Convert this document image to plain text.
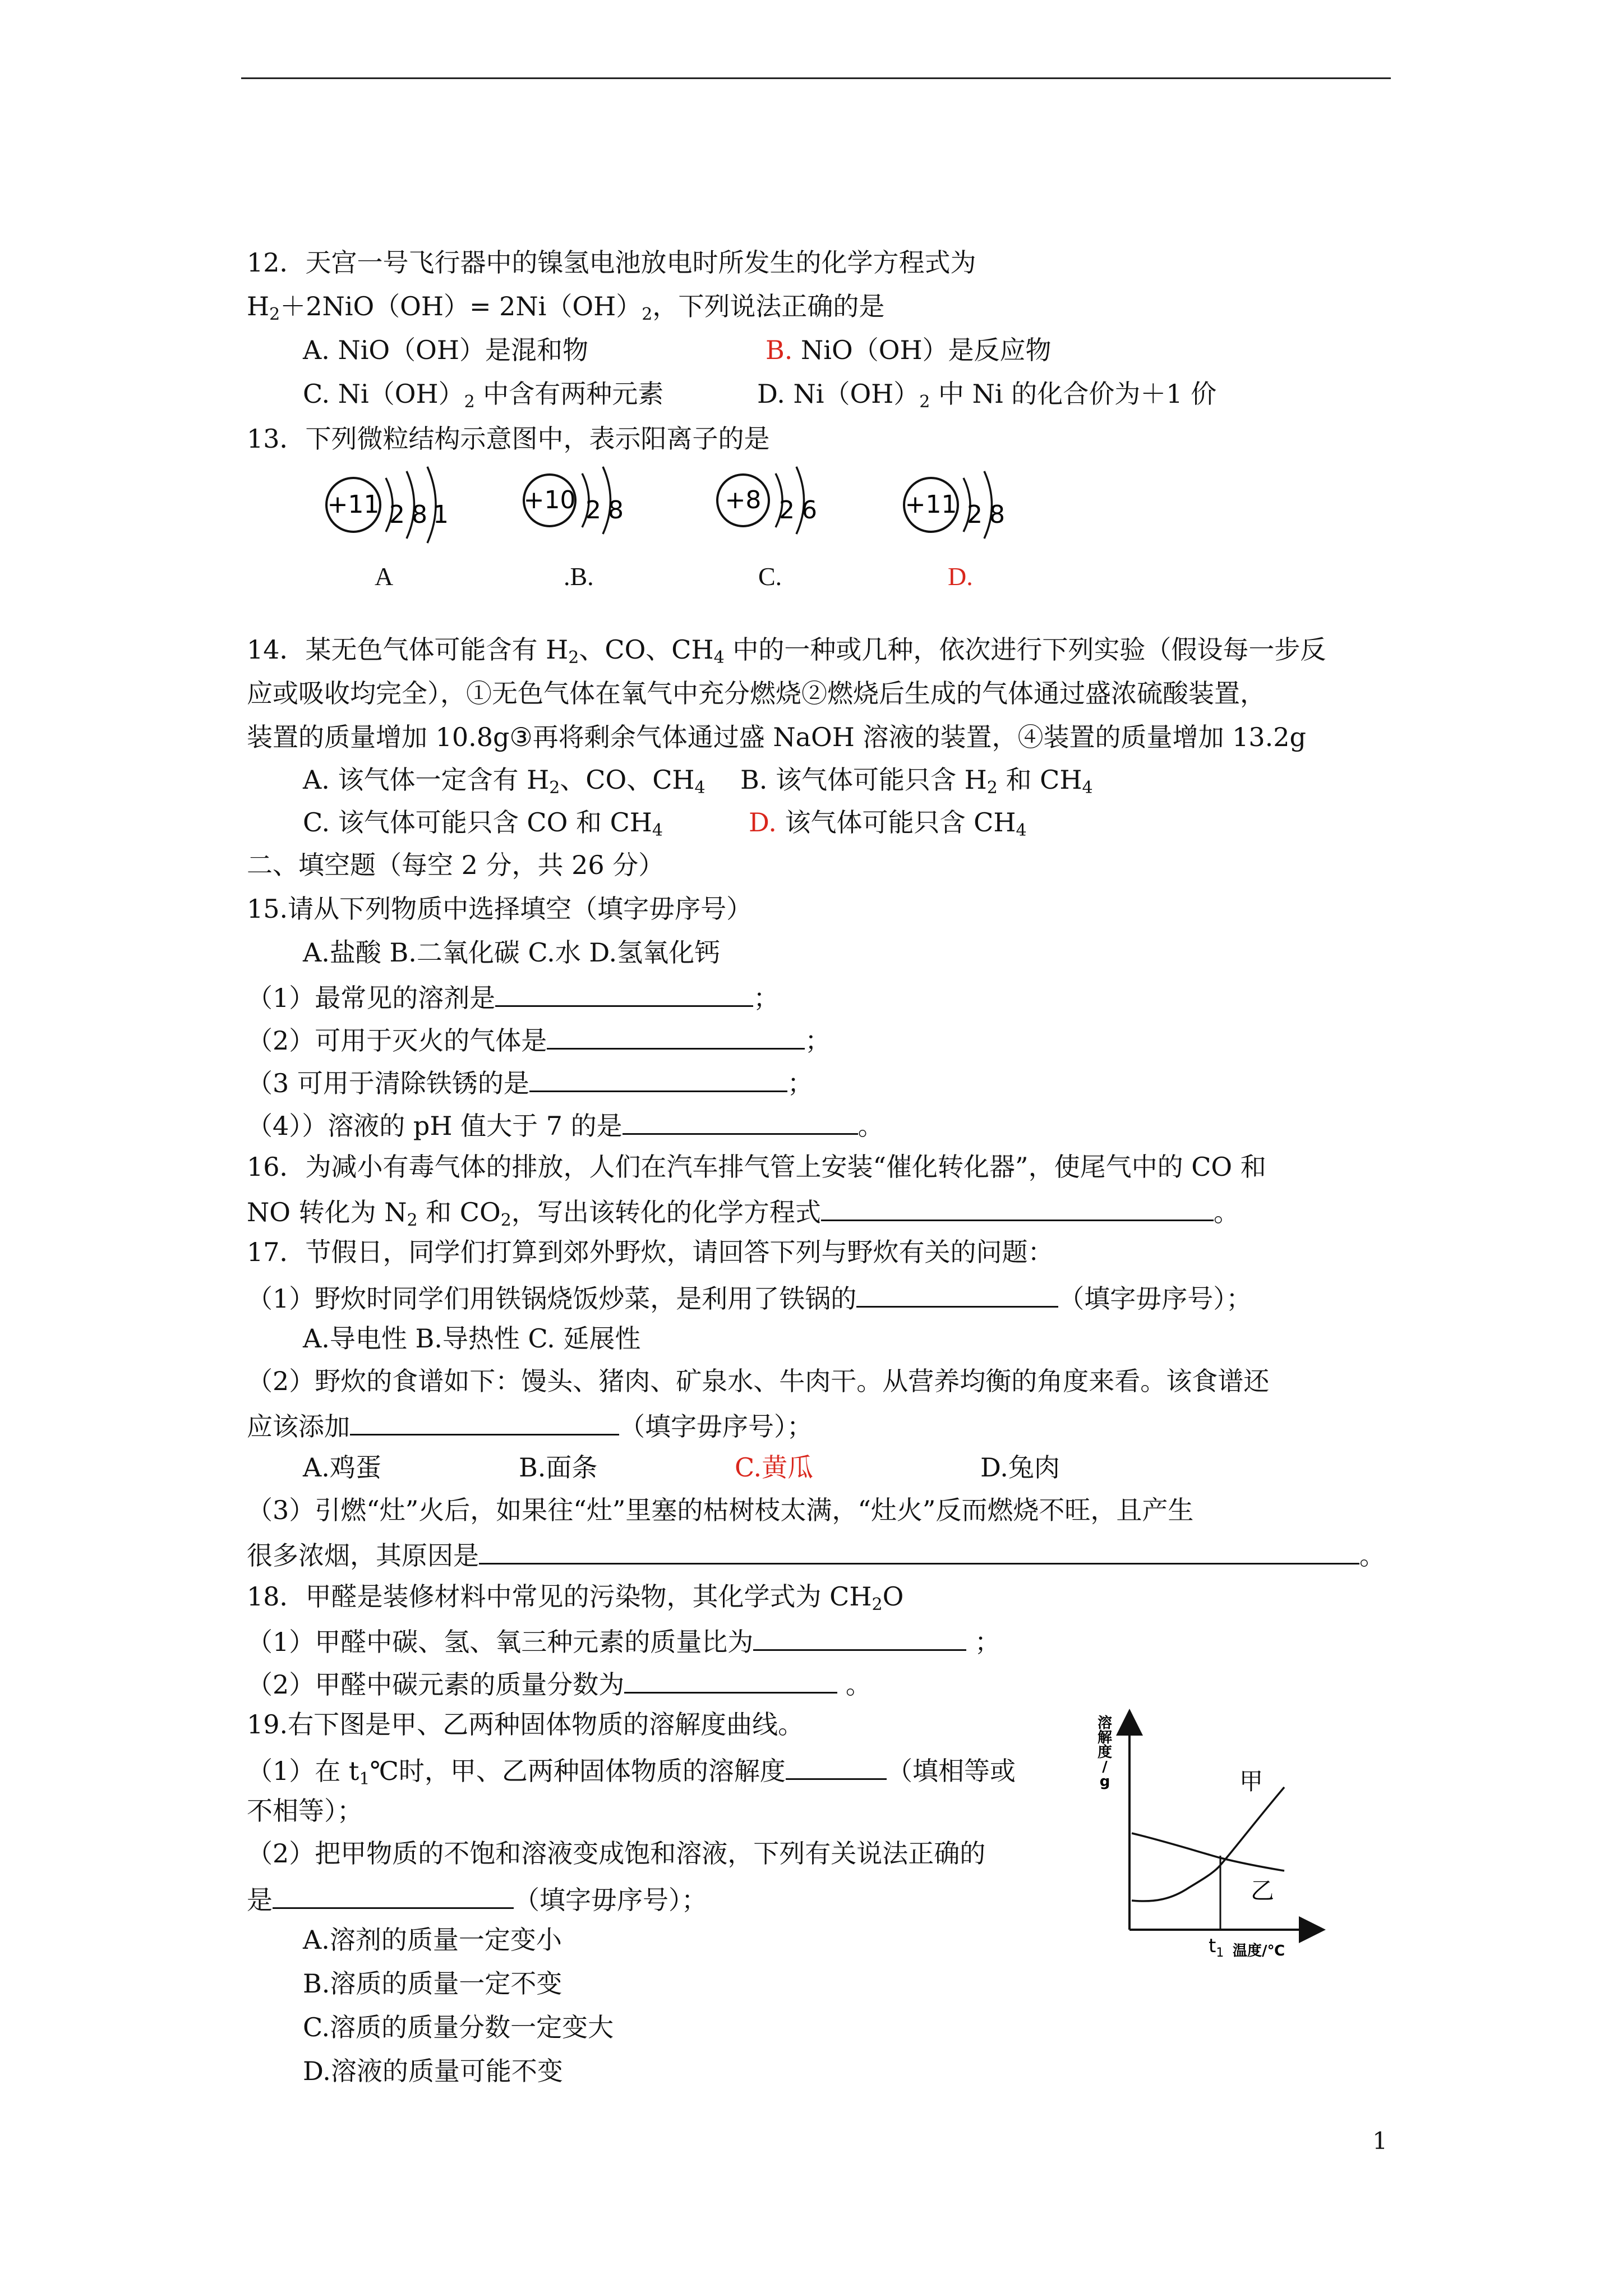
12．天宫一号飞行器中的镍氢电池放电时所发生的化学方程式为
$H_2+2NiO(OH)= 2Ni(OH)_2$，下列说法正确的是
A. NiO（OH）是混和物	B. NiO（OH）是反应物
C. $Ni(OH)_2$ 中含有两种元素	D. $Ni(OH)_2$ 中 Ni 的化合价为＋1 价
13．下列微粒结构示意图中，表示阳离子的是
+11 2 8 1
+10 2 8	+8 2 6	+11 2 8
A	.B.	C.	D.
14．某无色气体可能含有 $H_2$、CO、$CH_4$ 中的一种或几种，依次进行下列实验（假设每一步反
应或吸收均完全），①无色气体在氧气中充分燃烧②燃烧后生成的气体通过盛浓硫酸装置，
装置的质量增加 10.8g③再将剩余气体通过盛 NaOH 溶液的装置，④装置的质量增加 13.2g
A. 该气体一定含有 $H_2$、CO、$CH_4$ B. 该气体可能只含 $H_2$ 和 $CH_4$
C. 该气体可能只含 CO 和 $CH_4$	D. 该气体可能只含 $CH_4$
二、填空题（每空 2 分，共 26 分）
15.请从下列物质中选择填空（填字毋序号）
A.盐酸 B.二氧化碳 C.水 D.氢氧化钙
（1）最常见的溶剂是	；
（2）可用于灭火的气体是	；
（3 可用于清除铁锈的是	；
（4））溶液的 pH 值大于 7 的是	。
16．为减小有毒气体的排放，人们在汽车排气管上安装“催化转化器”，使尾气中的 CO 和
NO 转化为 $N_2$ 和 $CO_2$，写出该转化的化学方程式	。
17．节假日，同学们打算到郊外野炊，请回答下列与野炊有关的问题：
（1）野炊时同学们用铁锅烧饭炒菜，是利用了铁锅的	（填字毋序号）；
A.导电性 B.导热性 C. 延展性
（2）野炊的食谱如下：馒头、猪肉、矿泉水、牛肉干。从营养均衡的角度来看。该食谱还
应该添加	（填字毋序号）；
A.鸡蛋	B.面条	C.黄瓜	D.兔肉
（3）引燃“灶”火后，如果往“灶”里塞的枯树枝太满，“灶火”反而燃烧不旺，且产生
很多浓烟，其原因是	。
18．甲醛是装修材料中常见的污染物，其化学式为 $CH_2O$
（1）甲醛中碳、氢、氧三种元素的质量比为	；
（2）甲醛中碳元素的质量分数为	。
19.右下图是甲、乙两种固体物质的溶解度曲线。
（1）在 $t_1℃$时，甲、乙两种固体物质的溶解度	（填相等或
不相等）；
（2）把甲物质的不饱和溶液变成饱和溶液，下列有关说法正确的
是	（填字毋序号）；
A.溶剂的质量一定变小
B.溶质的质量一定不变
C.溶质的质量分数一定变大
D.溶液的质量可能不变
溶解度/ g
温度/℃
甲
乙
$t_1$
1
